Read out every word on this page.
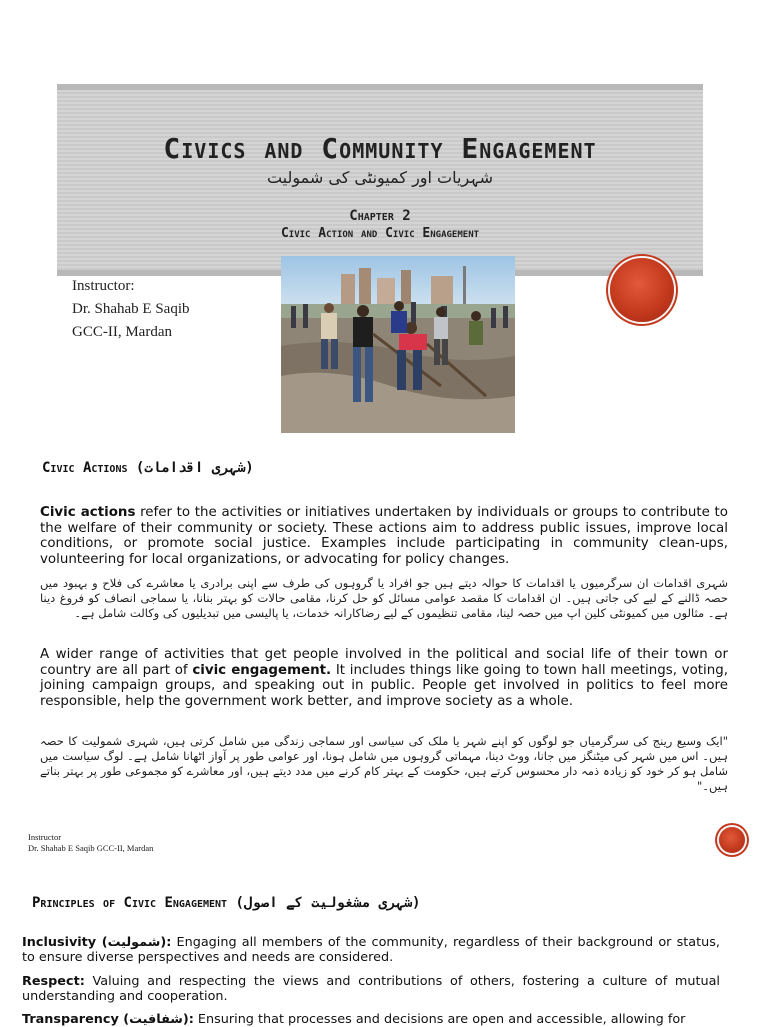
Civics and Community Engagement
شہریات اور کمیونٹی کی شمولیت
Chapter 2
Civic Action and Civic Engagement
Instructor:
Dr. Shahab E Saqib
GCC-II, Mardan
Civic Actions (شہری اقدامات)
Civic actions refer to the activities or initiatives undertaken by individuals or groups to contribute to the welfare of their community or society. These actions aim to address public issues, improve local conditions, or promote social justice. Examples include participating in community clean-ups, volunteering for local organizations, or advocating for policy changes.
شہری اقدامات ان سرگرمیوں یا اقدامات کا حوالہ دیتے ہیں جو افراد یا گروہوں کی طرف سے اپنی برادری یا معاشرے کی فلاح و بہبود میں حصہ ڈالنے کے لیے کی جاتی ہیں۔ ان اقدامات کا مقصد عوامی مسائل کو حل کرنا، مقامی حالات کو بہتر بنانا، یا سماجی انصاف کو فروغ دینا ہے۔ مثالوں میں کمیونٹی کلین اپ میں حصہ لینا، مقامی تنظیموں کے لیے رضاکارانہ خدمات، یا پالیسی میں تبدیلیوں کی وکالت شامل ہے۔
A wider range of activities that get people involved in the political and social life of their town or country are all part of civic engagement. It includes things like going to town hall meetings, voting, joining campaign groups, and speaking out in public. People get involved in politics to feel more responsible, help the government work better, and improve society as a whole.
"ایک وسیع رینج کی سرگرمیاں جو لوگوں کو اپنے شہر یا ملک کی سیاسی اور سماجی زندگی میں شامل کرتی ہیں، شہری شمولیت کا حصہ ہیں۔ اس میں شہر کی میٹنگز میں جانا، ووٹ دینا، مہماتی گروہوں میں شامل ہونا، اور عوامی طور پر آواز اٹھانا شامل ہے۔ لوگ سیاست میں شامل ہو کر خود کو زیادہ ذمہ دار محسوس کرتے ہیں، حکومت کے بہتر کام کرنے میں مدد دیتے ہیں، اور معاشرے کو مجموعی طور پر بہتر بناتے ہیں۔"
Instructor
Dr. Shahab E Saqib GCC-II, Mardan
Principles of Civic Engagement (شہری مشغولیت کے اصول)
Inclusivity (شمولیت): Engaging all members of the community, regardless of their background or status, to ensure diverse perspectives and needs are considered.
Respect: Valuing and respecting the views and contributions of others, fostering a culture of mutual understanding and cooperation.
Transparency (شفافیت): Ensuring that processes and decisions are open and accessible, allowing for
